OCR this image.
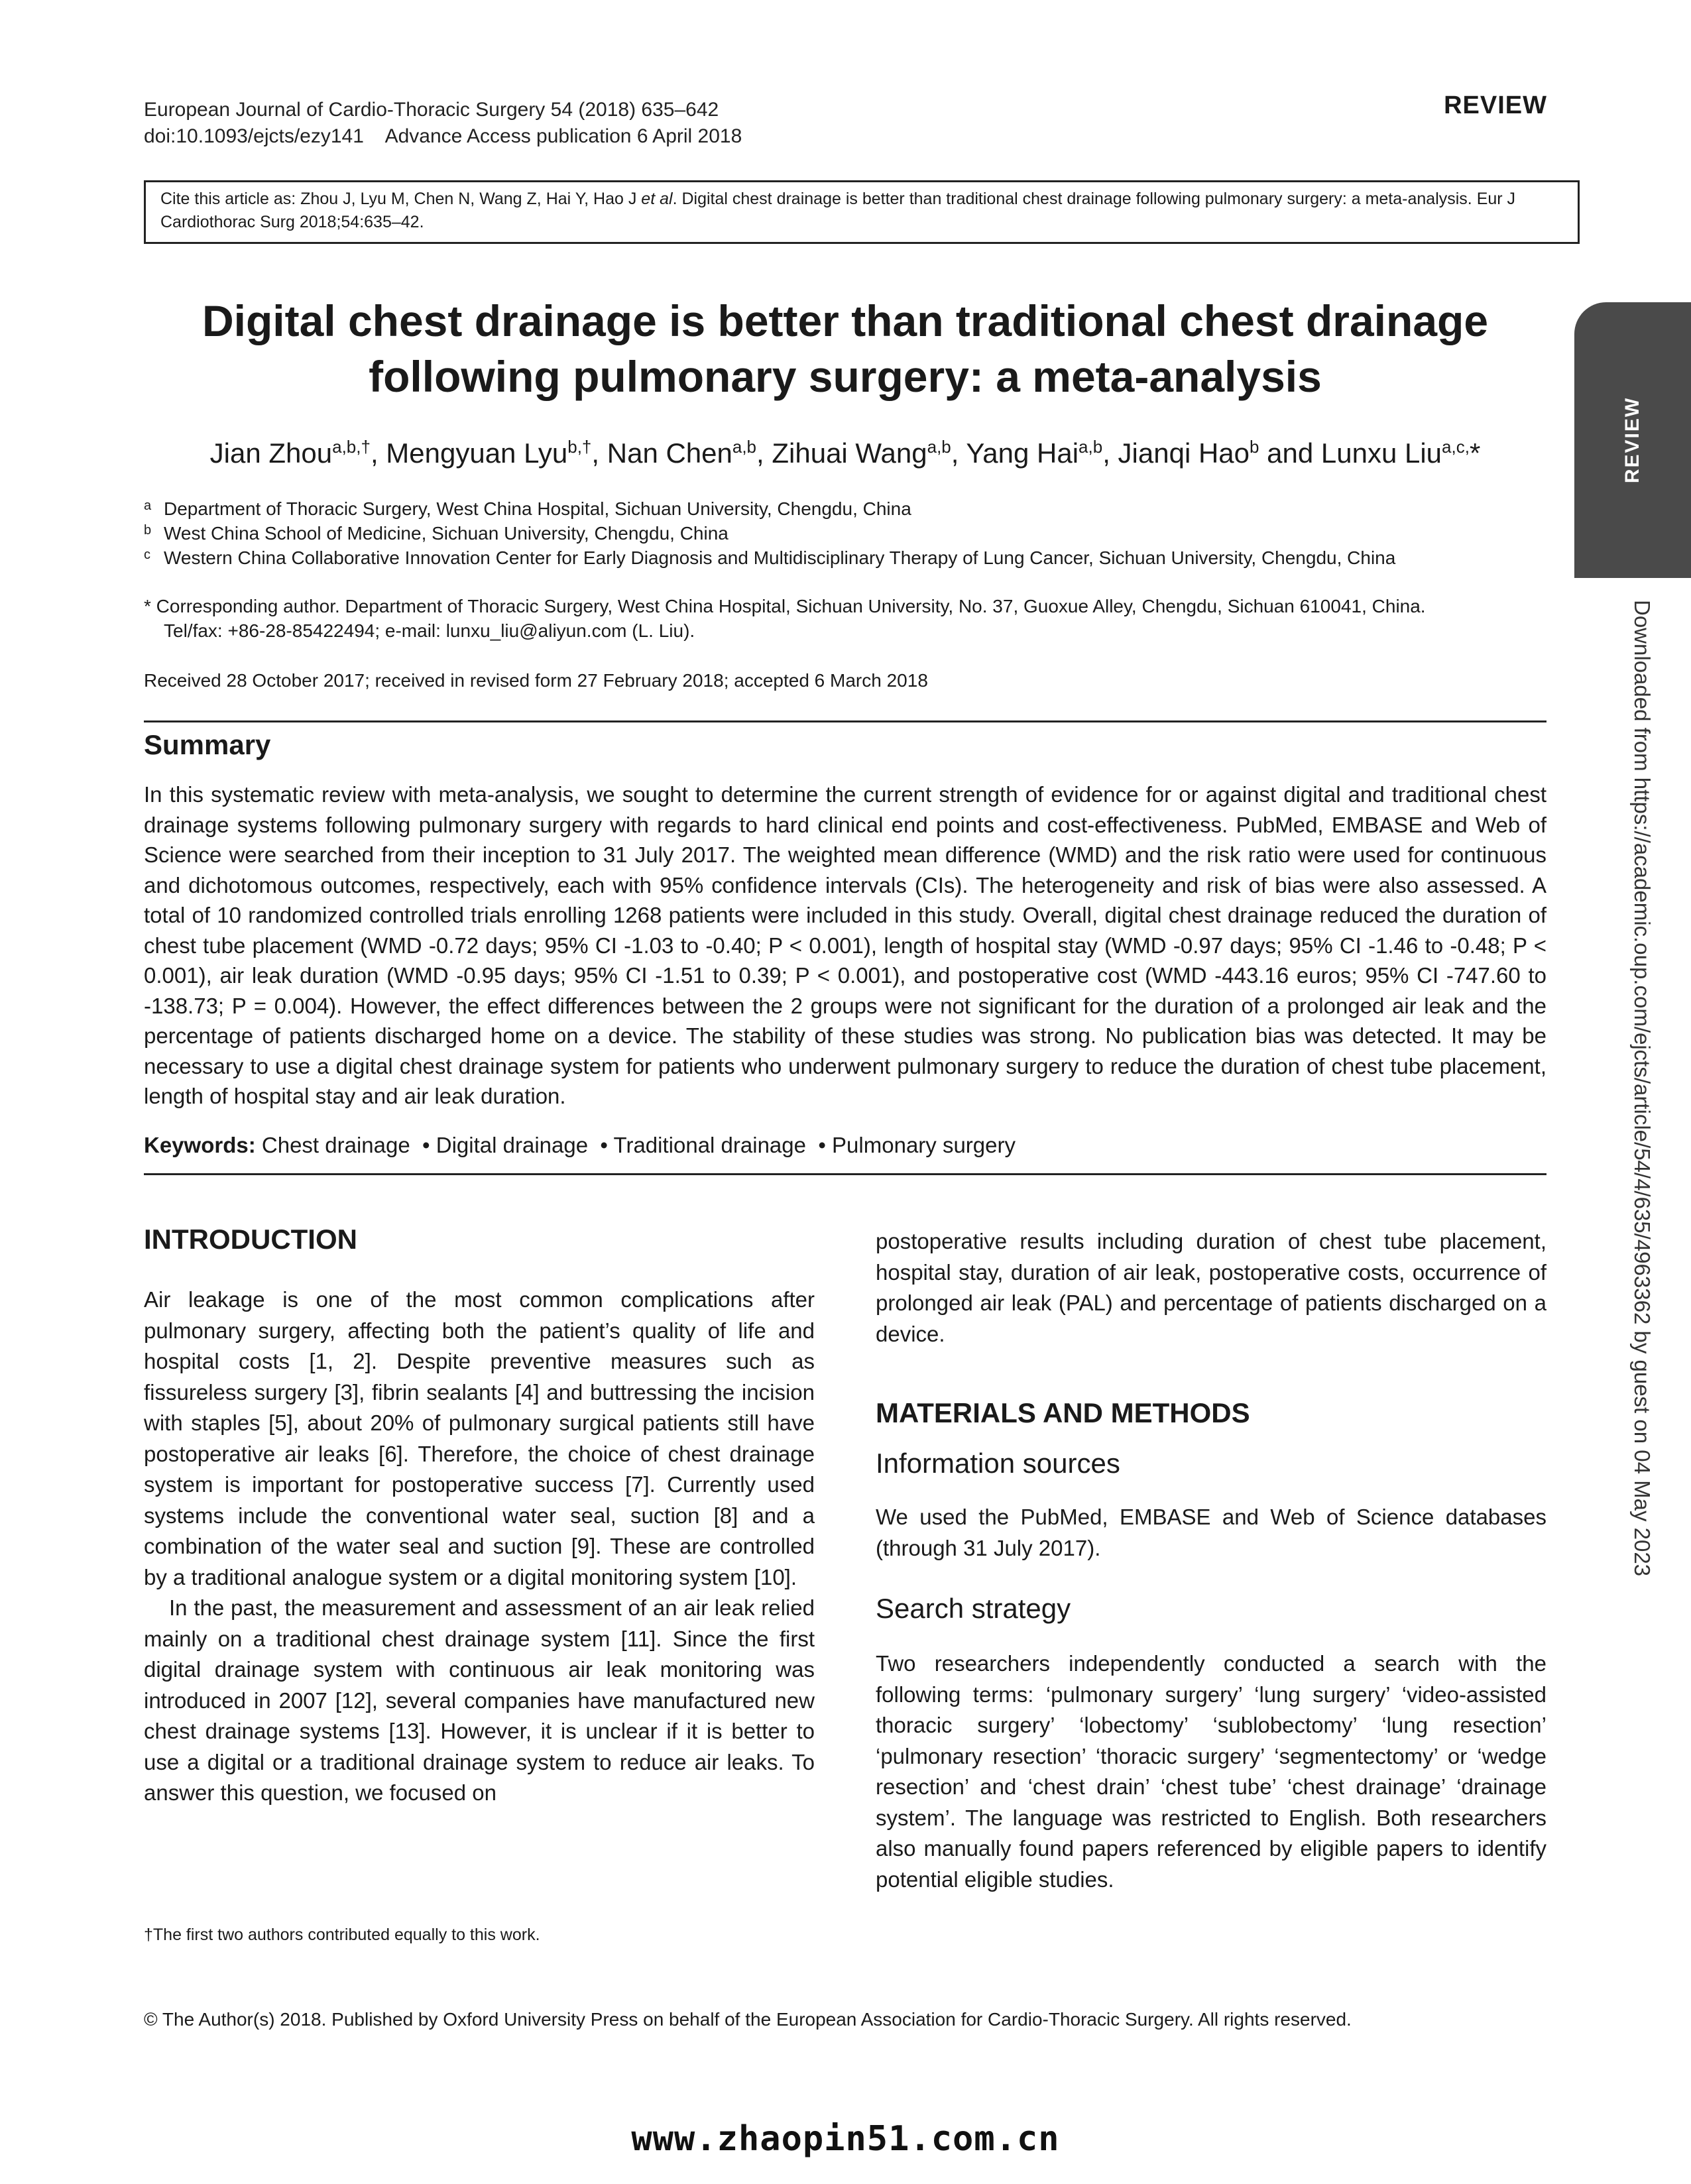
European Journal of Cardio-Thoracic Surgery 54 (2018) 635–642
doi:10.1093/ejcts/ezy141    Advance Access publication 6 April 2018
REVIEW
Cite this article as: Zhou J, Lyu M, Chen N, Wang Z, Hai Y, Hao J et al. Digital chest drainage is better than traditional chest drainage following pulmonary surgery: a meta-analysis. Eur J Cardiothorac Surg 2018;54:635–42.
Digital chest drainage is better than traditional chest drainage
following pulmonary surgery: a meta-analysis
Jian Zhou$^{a,b,\dagger}$, Mengyuan Lyu$^{b,\dagger}$, Nan Chen$^{a,b}$, Zihuai Wang$^{a,b}$, Yang Hai$^{a,b}$, Jianqi Hao$^b$ and Lunxu Liu$^{a,c,}$*
a Department of Thoracic Surgery, West China Hospital, Sichuan University, Chengdu, China
b West China School of Medicine, Sichuan University, Chengdu, China
c Western China Collaborative Innovation Center for Early Diagnosis and Multidisciplinary Therapy of Lung Cancer, Sichuan University, Chengdu, China
* Corresponding author. Department of Thoracic Surgery, West China Hospital, Sichuan University, No. 37, Guoxue Alley, Chengdu, Sichuan 610041, China.
Tel/fax: +86-28-85422494; e-mail: lunxu_liu@aliyun.com (L. Liu).
Received 28 October 2017; received in revised form 27 February 2018; accepted 6 March 2018
Summary
In this systematic review with meta-analysis, we sought to determine the current strength of evidence for or against digital and traditional chest drainage systems following pulmonary surgery with regards to hard clinical end points and cost-effectiveness. PubMed, EMBASE and Web of Science were searched from their inception to 31 July 2017. The weighted mean difference (WMD) and the risk ratio were used for continuous and dichotomous outcomes, respectively, each with 95% confidence intervals (CIs). The heterogeneity and risk of bias were also assessed. A total of 10 randomized controlled trials enrolling 1268 patients were included in this study. Overall, digital chest drainage reduced the duration of chest tube placement (WMD -0.72 days; 95% CI -1.03 to -0.40; P < 0.001), length of hospital stay (WMD -0.97 days; 95% CI -1.46 to -0.48; P < 0.001), air leak duration (WMD -0.95 days; 95% CI -1.51 to 0.39; P < 0.001), and postoperative cost (WMD -443.16 euros; 95% CI -747.60 to -138.73; P = 0.004). However, the effect differences between the 2 groups were not significant for the duration of a prolonged air leak and the percentage of patients discharged home on a device. The stability of these studies was strong. No publication bias was detected. It may be necessary to use a digital chest drainage system for patients who underwent pulmonary surgery to reduce the duration of chest tube placement, length of hospital stay and air leak duration.
Keywords: Chest drainage  • Digital drainage  • Traditional drainage  • Pulmonary surgery
INTRODUCTION

Air leakage is one of the most common complications after pulmonary surgery, affecting both the patient’s quality of life and hospital costs [1, 2]. Despite preventive measures such as fissureless surgery [3], fibrin sealants [4] and buttressing the incision with staples [5], about 20% of pulmonary surgical patients still have postoperative air leaks [6]. Therefore, the choice of chest drainage system is important for postoperative success [7]. Currently used systems include the conventional water seal, suction [8] and a combination of the water seal and suction [9]. These are controlled by a traditional analogue system or a digital monitoring system [10].

In the past, the measurement and assessment of an air leak relied mainly on a traditional chest drainage system [11]. Since the first digital drainage system with continuous air leak monitoring was introduced in 2007 [12], several companies have manufactured new chest drainage systems [13]. However, it is unclear if it is better to use a digital or a traditional drainage system to reduce air leaks. To answer this question, we focused on

postoperative results including duration of chest tube placement, hospital stay, duration of air leak, postoperative costs, occurrence of prolonged air leak (PAL) and percentage of patients discharged on a device.
MATERIALS AND METHODS
Information sources
We used the PubMed, EMBASE and Web of Science databases (through 31 July 2017).
Search strategy
Two researchers independently conducted a search with the following terms: ‘pulmonary surgery’ ‘lung surgery’ ‘video-assisted thoracic surgery’ ‘lobectomy’ ‘sublobectomy’ ‘lung resection’ ‘pulmonary resection’ ‘thoracic surgery’ ‘segmentectomy’ or ‘wedge resection’ and ‘chest drain’ ‘chest tube’ ‘chest drainage’ ‘drainage system’. The language was restricted to English. Both researchers also manually found papers referenced by eligible papers to identify potential eligible studies.
†The first two authors contributed equally to this work.
© The Author(s) 2018. Published by Oxford University Press on behalf of the European Association for Cardio-Thoracic Surgery. All rights reserved.
www.zhaopin51.com.cn
REVIEW
Downloaded from https://academic.oup.com/ejcts/article/54/4/635/4963362 by guest on 04 May 2023
